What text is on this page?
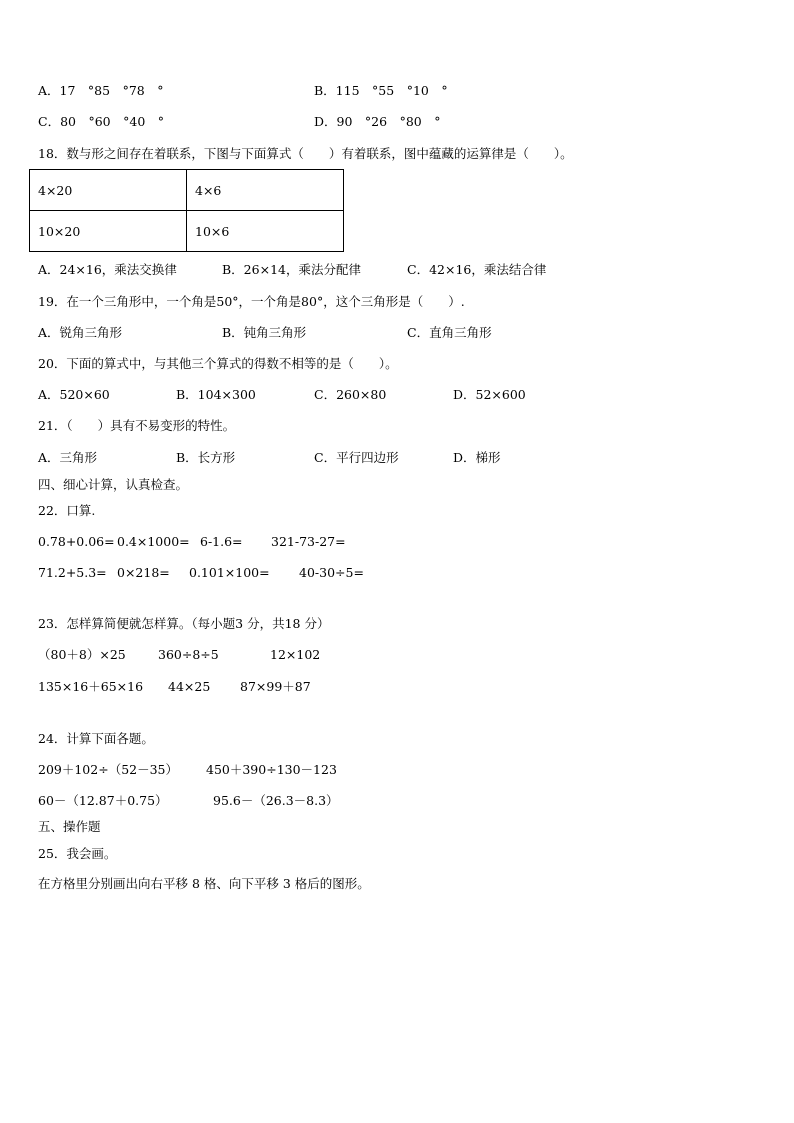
A．17　°85　°78　°	B．115　°55　°10　°
C．80　°60　°40　°	D．90　°26　°80　°
18．数与形之间存在着联系，下图与下面算式（　　）有着联系，图中蕴藏的运算律是（　　）。
4×20	4×6
10×20	10×6
A．24×16，乘法交换律	B．26×14，乘法分配律	C．42×16，乘法结合律
19．在一个三角形中，一个角是50°，一个角是80°，这个三角形是（　　）.
A．锐角三角形	B．钝角三角形	C．直角三角形
20．下面的算式中，与其他三个算式的得数不相等的是（　　）。
A．520×60	B．104×300	C．260×80	D．52×600
21．（　　）具有不易变形的特性。
A．三角形	B．长方形	C．平行四边形	D．梯形
四、细心计算，认真检查。
22．口算.
0.78+0.06= 0.4×1000= 6-1.6= 321-73-27=
71.2+5.3= 0×218= 0.101×100= 40-30÷5=
23．怎样算简便就怎样算。（每小题3 分，共18 分）
（80＋8）×25	360÷8÷5	12×102
135×16＋65×16 44×25 87×99＋87
24．计算下面各题。
209＋102÷（52－35） 450＋390÷130－123
60－（12.87＋0.75）	95.6－（26.3－8.3）
五、操作题
25．我会画。
在方格里分别画出向右平移 8 格、向下平移 3 格后的图形。
